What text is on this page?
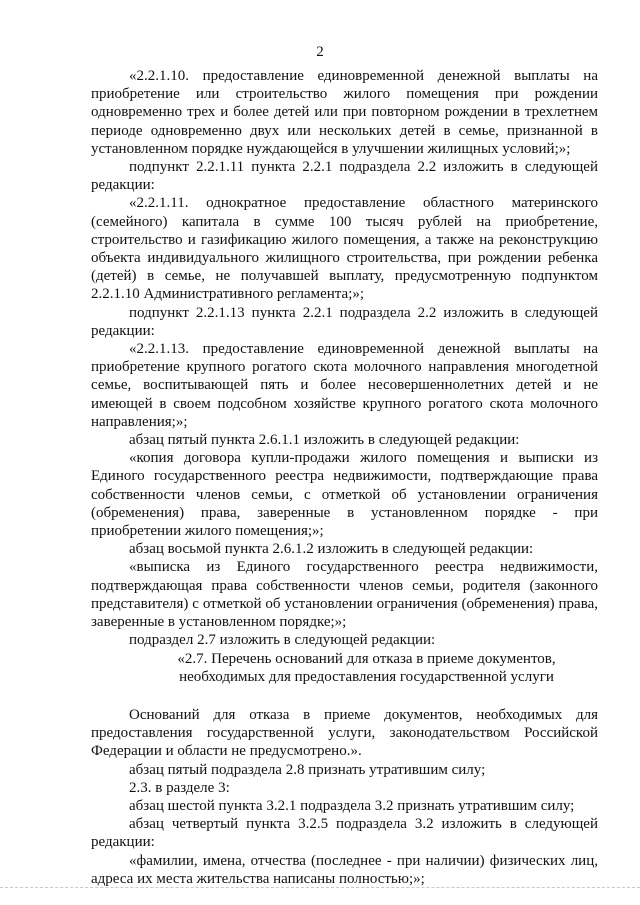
2

«2.2.1.10. предоставление единовременной денежной выплаты на приобретение или строительство жилого помещения при рождении одновременно трех и более детей или при повторном рождении в трехлетнем периоде одновременно двух или нескольких детей в семье, признанной в установленном порядке нуждающейся в улучшении жилищных условий;»;

подпункт 2.2.1.11 пункта 2.2.1 подраздела 2.2 изложить в следующей редакции:

«2.2.1.11. однократное предоставление областного материнского (семейного) капитала в сумме 100 тысяч рублей на приобретение, строительство и газификацию жилого помещения, а также на реконструкцию объекта индивидуального жилищного строительства, при рождении ребенка (детей) в семье, не получавшей выплату, предусмотренную подпунктом 2.2.1.10 Административного регламента;»;

подпункт 2.2.1.13 пункта 2.2.1 подраздела 2.2 изложить в следующей редакции:

«2.2.1.13. предоставление единовременной денежной выплаты на приобретение крупного рогатого скота молочного направления многодетной семье, воспитывающей пять и более несовершеннолетних детей и не имеющей в своем подсобном хозяйстве крупного рогатого скота молочного направления;»;

абзац пятый пункта 2.6.1.1 изложить в следующей редакции:

«копия договора купли-продажи жилого помещения и выписки из Единого государственного реестра недвижимости, подтверждающие права собственности членов семьи, с отметкой об установлении ограничения (обременения) права, заверенные в установленном порядке - при приобретении жилого помещения;»;

абзац восьмой пункта 2.6.1.2 изложить в следующей редакции:

«выписка из Единого государственного реестра недвижимости, подтверждающая права собственности членов семьи, родителя (законного представителя) с отметкой об установлении ограничения (обременения) права, заверенные в установленном порядке;»;

подраздел 2.7 изложить в следующей редакции:

«2.7. Перечень оснований для отказа в приеме документов,

необходимых для предоставления государственной услуги

Оснований для отказа в приеме документов, необходимых для предоставления государственной услуги, законодательством Российской Федерации и области не предусмотрено.».

абзац пятый подраздела 2.8 признать утратившим силу;

2.3. в разделе 3:

абзац шестой пункта 3.2.1 подраздела 3.2 признать утратившим силу;

абзац четвертый пункта 3.2.5 подраздела 3.2 изложить в следующей редакции:

«фамилии, имена, отчества (последнее - при наличии) физических лиц, адреса их места жительства написаны полностью;»;
